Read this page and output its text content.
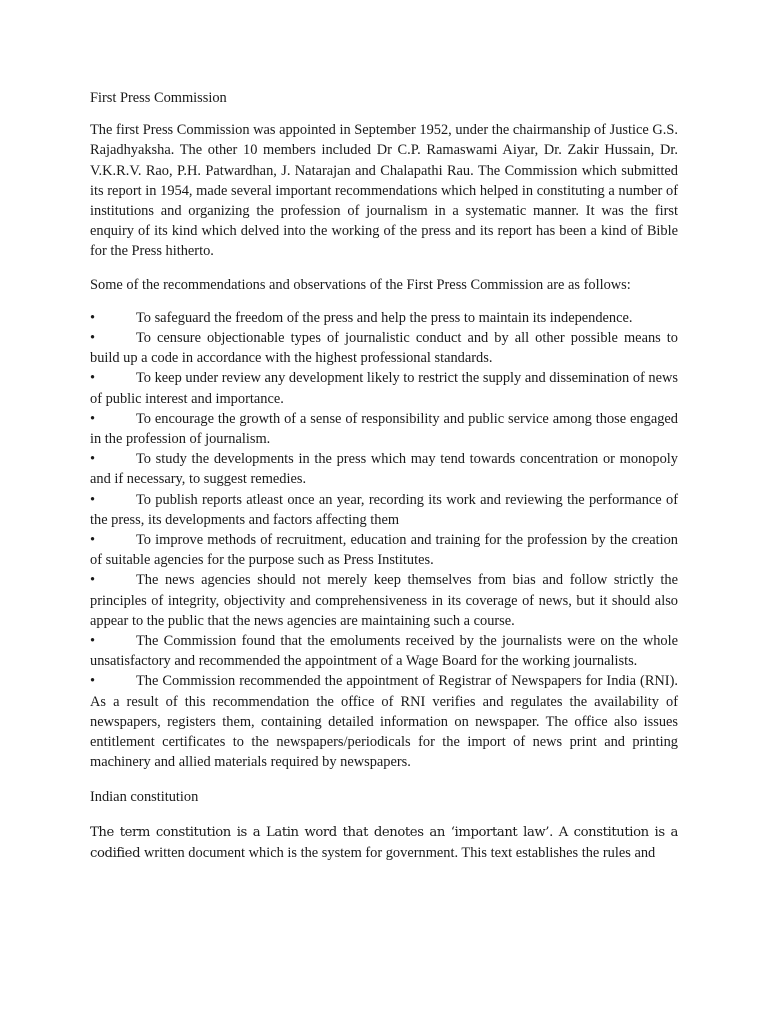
First Press Commission

The first Press Commission was appointed in September 1952, under the chairmanship of Justice G.S. Rajadhyaksha. The other 10 members included Dr C.P. Ramaswami Aiyar, Dr. Zakir Hussain, Dr. V.K.R.V. Rao, P.H. Patwardhan, J. Natarajan and Chalapathi Rau. The Commission which submitted its report in 1954, made several important recommendations which helped in constituting a number of institutions and organizing the profession of journalism in a systematic manner. It was the first enquiry of its kind which delved into the working of the press and its report has been a kind of Bible for the Press hitherto.

Some of the recommendations and observations of the First Press Commission are as follows:

•	To safeguard the freedom of the press and help the press to maintain its independence.
•	To censure objectionable types of journalistic conduct and by all other possible means to build up a code in accordance with the highest professional standards.
•	To keep under review any development likely to restrict the supply and dissemination of news of public interest and importance.
•	To encourage the growth of a sense of responsibility and public service among those engaged in the profession of journalism.
•	To study the developments in the press which may tend towards concentration or monopoly and if necessary, to suggest remedies.
•	To publish reports atleast once an year, recording its work and reviewing the performance of the press, its developments and factors affecting them
•	To improve methods of recruitment, education and training for the profession by the creation of suitable agencies for the purpose such as Press Institutes.
•	The news agencies should not merely keep themselves from bias and follow strictly the principles of integrity, objectivity and comprehensiveness in its coverage of news, but it should also appear to the public that the news agencies are maintaining such a course.
•	The Commission found that the emoluments received by the journalists were on the whole unsatisfactory and recommended the appointment of a Wage Board for the working journalists.
•	The Commission recommended the appointment of Registrar of Newspapers for India (RNI). As a result of this recommendation the office of RNI verifies and regulates the availability of newspapers, registers them, containing detailed information on newspaper. The office also issues entitlement certificates to the newspapers/periodicals for the import of news print and printing machinery and allied materials required by newspapers.

Indian constitution

The term constitution is a Latin word that denotes an ‘important law’. A constitution is a codified written document which is the system for government. This text establishes the rules and
